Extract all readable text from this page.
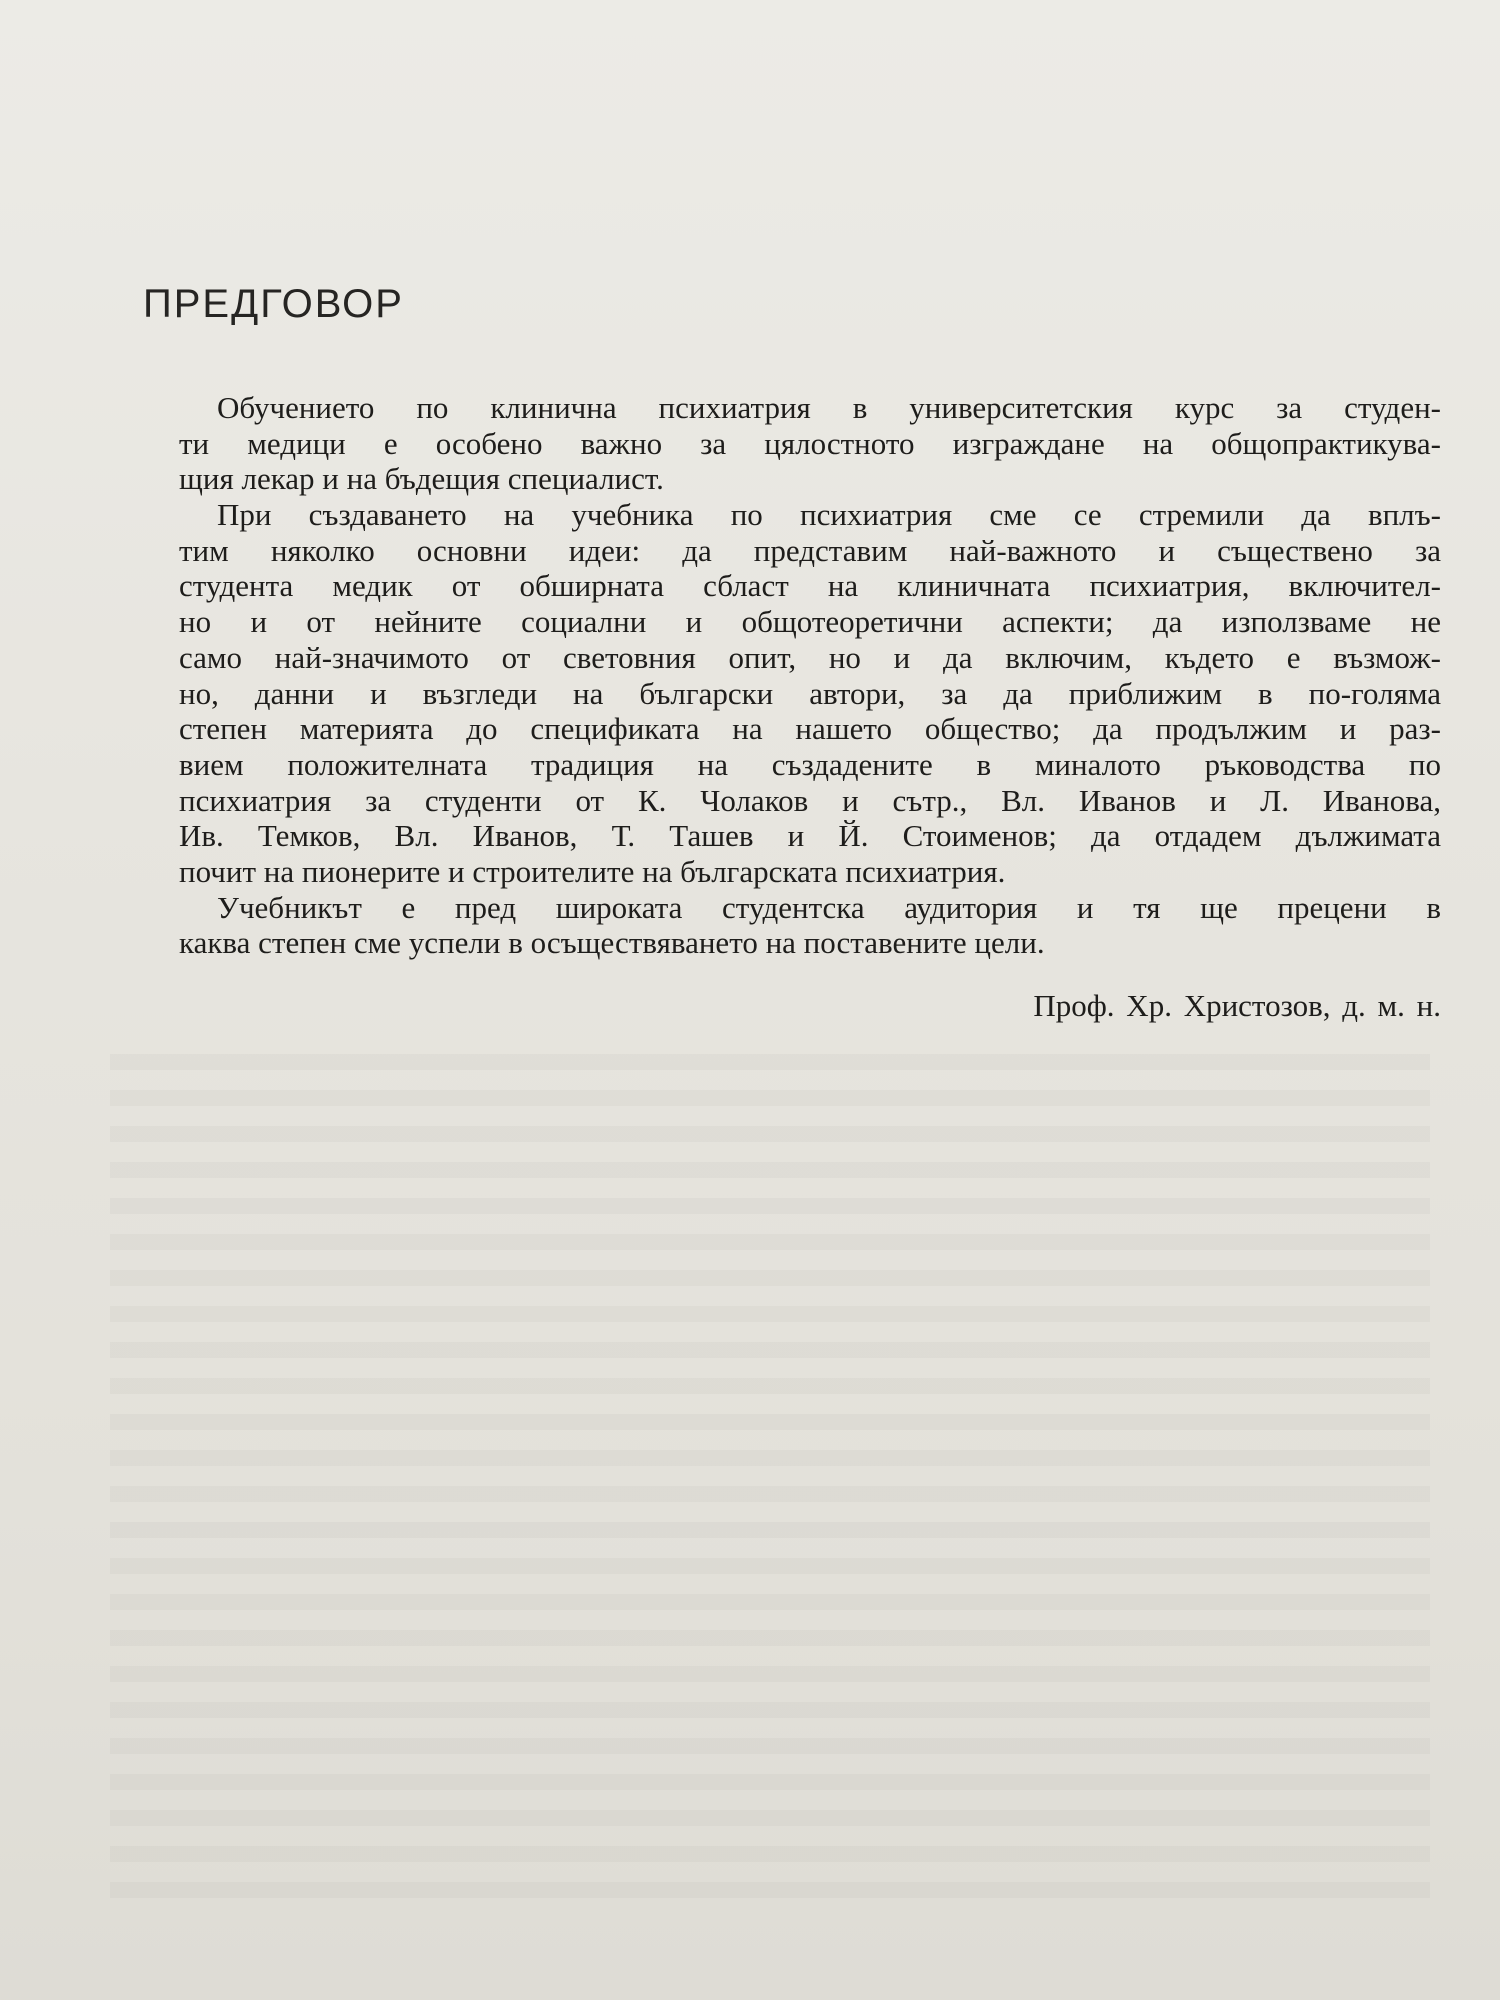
ПРЕДГОВОР
Обучението по клинична психиатрия в университетския курс за студен-
ти медици е особено важно за цялостното изграждане на общопрактикува-
щия лекар и на бъдещия специалист.
При създаването на учебника по психиатрия сме се стремили да вплъ-
тим няколко основни идеи: да представим най-важното и съществено за
студента медик от обширната сбласт на клиничната психиатрия, включител-
но и от нейните социални и общотеоретични аспекти; да използваме не
само най-значимото от световния опит, но и да включим, където е възмож-
но, данни и възгледи на български автори, за да приближим в по-голяма
степен материята до спецификата на нашето общество; да продължим и раз-
вием положителната традиция на създадените в миналото ръководства по
психиатрия за студенти от К. Чолаков и сътр., Вл. Иванов и Л. Иванова,
Ив. Темков, Вл. Иванов, Т. Ташев и Й. Стоименов; да отдадем дължимата
почит на пионерите и строителите на българската психиатрия.
Учебникът е пред широката студентска аудитория и тя ще прецени в
каква степен сме успели в осъществяването на поставените цели.
Проф. Хр. Христозов, д. м. н.
